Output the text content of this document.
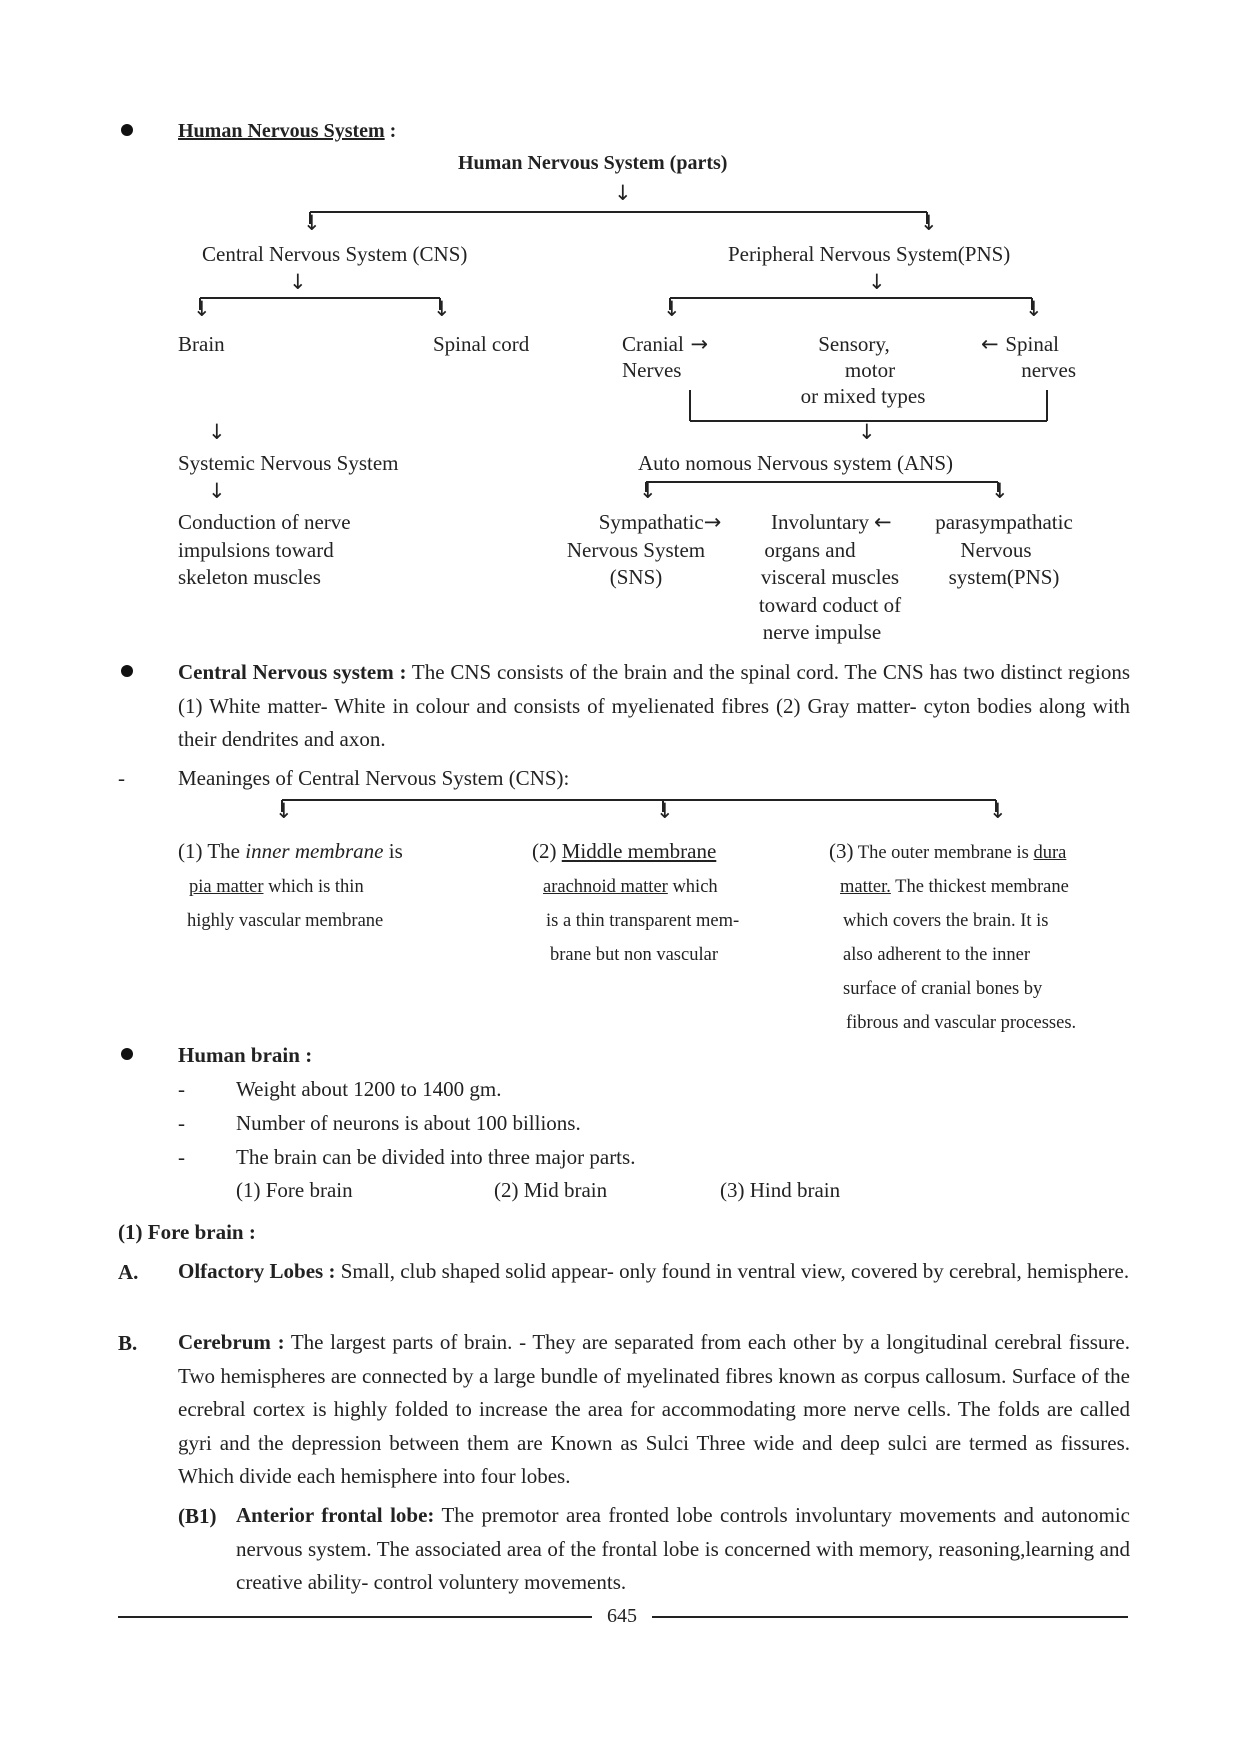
Human Nervous System :
Human Nervous System (parts)
↓
↓	↓
Central Nervous System (CNS)	Peripheral Nervous System(PNS)
↓	↓
↓	↓	↓	↓
Brain	Spinal cord	Cranial →
Nerves
Sensory,
motor
or mixed types
← Spinal
nerves
↓
↓
Systemic Nervous System	Auto nomous Nervous system (ANS)
↓	↓	↓
Conduction of nerve
impulsions toward
skeleton muscles
Sympathatic→
Nervous System
(SNS)
Involuntary
organs and
visceral muscles
toward coduct of
nerve impulse
←	parasympathatic
Nervous
system(PNS)
Central Nervous system : The CNS consists of the brain and the spinal cord. The CNS has two distinct regions (1) White matter- White in colour and consists of myelienated fibres (2) Gray matter- cyton bodies along with their dendrites and axon.
-	Meaninges of Central Nervous System (CNS):
↓	↓	↓
(1) The inner membrane is
pia matter which is thin
highly vascular membrane
(2) Middle membrane
arachnoid matter which
is a thin transparent mem-
brane but non vascular
(3) The outer membrane is dura
matter. The thickest membrane
which covers the brain. It is
also adherent to the inner
surface of cranial bones by
fibrous and vascular processes.
Human brain :
- Weight about 1200 to 1400 gm.
- Number of neurons is about 100 billions.
- The brain can be divided into three major parts.
(1) Fore brain	(2) Mid brain	(3) Hind brain
(1) Fore brain :
A. Olfactory Lobes : Small, club shaped solid appear- only found in ventral view, covered by cerebral, hemisphere.
B. Cerebrum : The largest parts of brain. - They are separated from each other by a longitudinal cerebral fissure. Two hemispheres are connected by a large bundle of myelinated fibres known as corpus callosum. Surface of the ecrebral cortex is highly folded to increase the area for accommodating more nerve cells. The folds are called gyri and the depression between them are Known as Sulci Three wide and deep sulci are termed as fissures. Which divide each hemisphere into four lobes.
(B1) Anterior frontal lobe: The premotor area fronted lobe controls involuntary movements and autonomic nervous system. The associated area of the frontal lobe is concerned with memory, reasoning,learning and creative ability- control voluntery movements.
645
